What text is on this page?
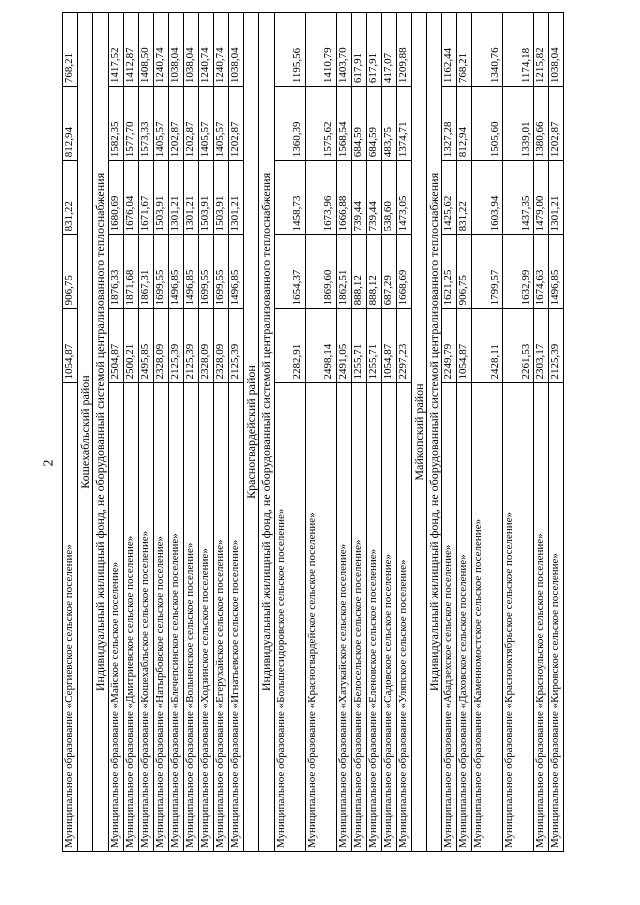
2
Муниципальное образование «Сергиевское сельское поселение»	1054,87	906,75	831,22	812,94	768,21
Кошехабльский район					
Индивидуальный жилищный фонд, не оборудованный системой централизованного теплоснабжения					
Муниципальное образование «Майское сельское поселение»	2504,87	1876,33	1680,69	1582,35	1417,52
Муниципальное образование «Дмитриевское сельское поселение»	2500,21	1871,68	1676,04	1577,70	1412,87
Муниципальное образование «Кошехабльское сельское поселение»	2495,85	1867,31	1671,67	1573,33	1408,50
Муниципальное образование «Натырбовское сельское поселение»	2328,09	1699,55	1503,91	1405,57	1240,74
Муниципальное образование «Блечепсинское сельское поселение»	2125,39	1496,85	1301,21	1202,87	1038,04
Муниципальное образование «Вольненское сельское поселение»	2125,39	1496,85	1301,21	1202,87	1038,04
Муниципальное образование «Ходзинское сельское поселение»	2328,09	1699,55	1503,91	1405,57	1240,74
Муниципальное образование «Егерухайское сельское поселение»	2328,09	1699,55	1503,91	1405,57	1240,74
Муниципальное образование «Игнатьевское сельское поселение»	2125,39	1496,85	1301,21	1202,87	1038,04
Красногвардейский район					
Индивидуальный жилищный фонд, не оборудованный системой централизованного теплоснабжения					
Муниципальное образование «Большесидоровское сельское поселение»	2282,91	1654,37	1458,73	1360,39	1195,56
Муниципальное образование «Красногвардейское сельское поселение»	2498,14	1869,60	1673,96	1575,62	1410,79
Муниципальное образование «Хатукайское сельское поселение»	2491,05	1862,51	1666,88	1568,54	1403,70
Муниципальное образование «Белосельское сельское поселение»	1255,71	888,12	739,44	684,59	617,91
Муниципальное образование «Еленовское сельское поселение»	1255,71	888,12	739,44	684,59	617,91
Муниципальное образование «Садовское сельское поселение»	1054,87	687,29	538,60	483,75	417,07
Муниципальное образование «Уляпское сельское поселение»	2297,23	1668,69	1473,05	1374,71	1209,88
Майкопский район					
Индивидуальный жилищный фонд, не оборудованный системой централизованного теплоснабжения					
Муниципальное образование «Абадзехское сельское поселение»	2249,79	1621,25	1425,62	1327,28	1162,44
Муниципальное образование «Даховское сельское поселение»	1054,87	906,75	831,22	812,94	768,21
Муниципальное образование «Каменномостское сельское поселение»	2428,11	1799,57	1603,94	1505,60	1340,76
Муниципальное образование «Краснооктябрьское сельское поселение»	2261,53	1632,99	1437,35	1339,01	1174,18
Муниципальное образование «Красноульское сельское поселение»	2303,17	1674,63	1479,00	1380,66	1215,82
Муниципальное образование «Кировское сельское поселение»	2125,39	1496,85	1301,21	1202,87	1038,04
